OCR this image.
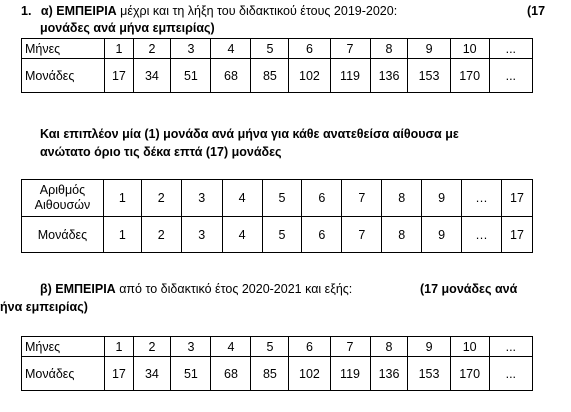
1. α) ΕΜΠΕΙΡΙΑ μέχρι και τη λήξη του διδακτικού έτους 2019-2020:	(17
μονάδες ανά μήνα εμπειρίας)
Μήνες	1	2	3	4	5	6	7	8	9	10	...
Μονάδες	17	34	51	68	85	102	119	136	153	170	...
Και επιπλέον μία (1) μονάδα ανά μήνα για κάθε ανατεθείσα αίθουσα με
ανώτατο όριο τις δέκα επτά (17) μονάδες
Αριθμός
Αιθουσών	1	2	3	4	5	6	7	8	9	…	17
Μονάδες	1	2	3	4	5	6	7	8	9	…	17
β) ΕΜΠΕΙΡΙΑ από το διδακτικό έτος 2020-2021 και εξής:	(17 μονάδες ανά
ήνα εμπειρίας)
Μήνες	1	2	3	4	5	6	7	8	9	10	...
Μονάδες	17	34	51	68	85	102	119	136	153	170	...
